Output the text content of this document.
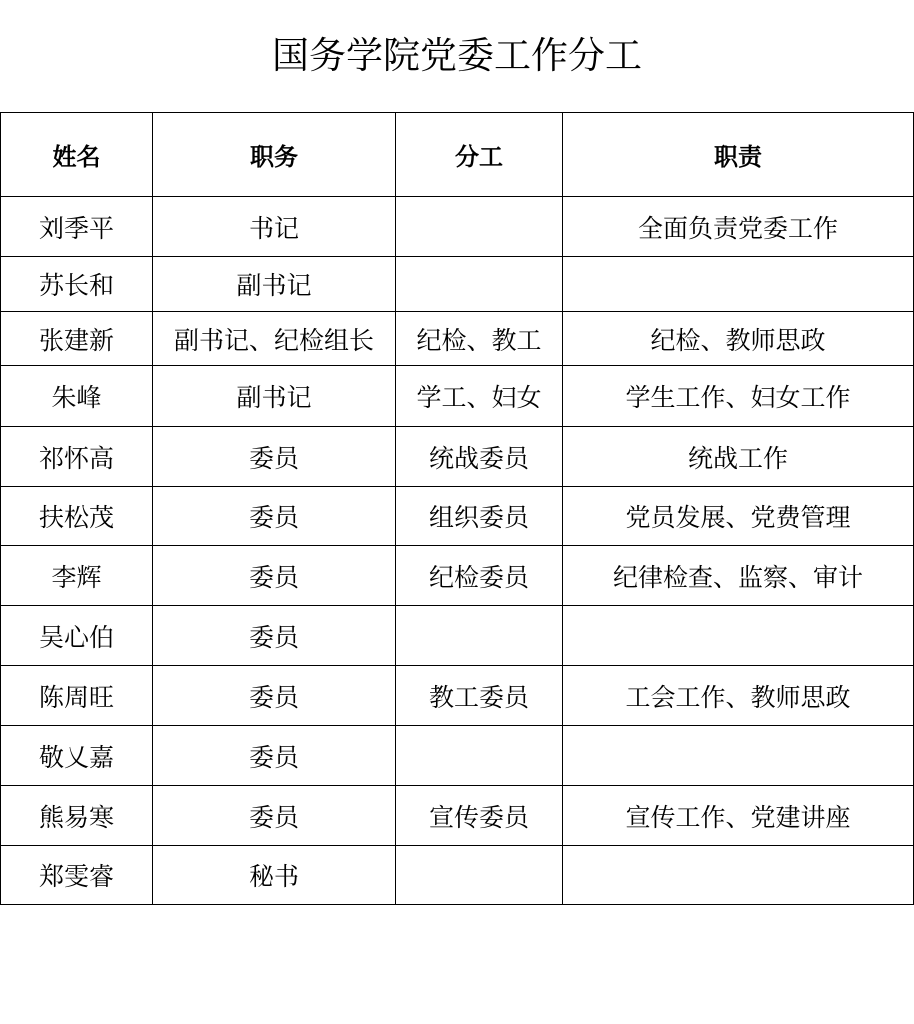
国务学院党委工作分工
姓名	职务	分工	职责
刘季平	书记		全面负责党委工作
苏长和	副书记		
张建新	副书记、纪检组长	纪检、教工	纪检、教师思政
朱峰	副书记	学工、妇女	学生工作、妇女工作
祁怀高	委员	统战委员	统战工作
扶松茂	委员	组织委员	党员发展、党费管理
李辉	委员	纪检委员	纪律检查、监察、审计
吴心伯	委员		
陈周旺	委员	教工委员	工会工作、教师思政
敬乂嘉	委员		
熊易寒	委员	宣传委员	宣传工作、党建讲座
郑雯睿	秘书		
